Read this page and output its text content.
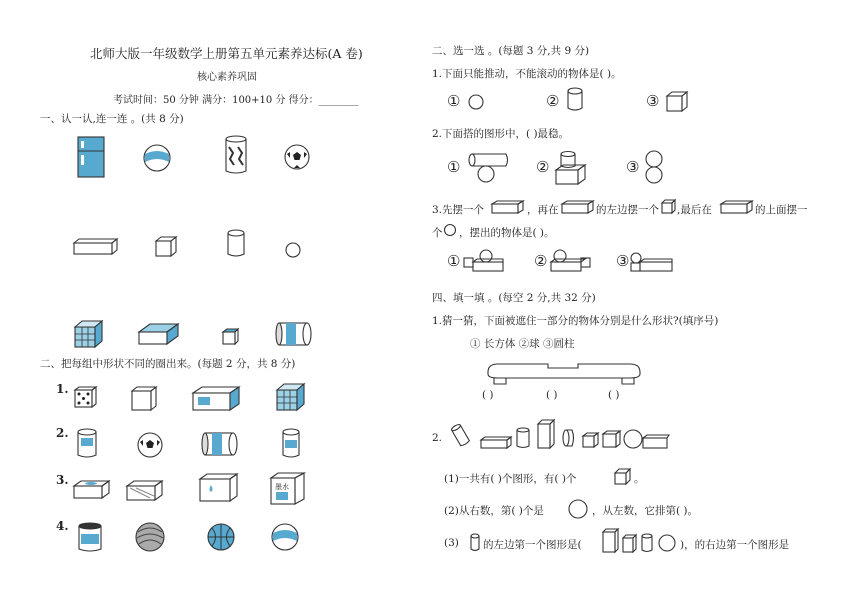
北师大版一年级数学上册第五单元素养达标(A 卷)
核心素养巩固
考试时间：50 分钟 满分：100+10 分 得分：________
一、认一认,连一连 。(共 8 分)
二、把每组中形状不同的圈出来。(每题 2 分，共 8 分)
1.
2.
3.	墨水
4.
二、选一选 。(每题 3 分,共 9 分)
1.下面只能推动，不能滚动的物体是( )。
①	②	③
2.下面搭的图形中，( )最稳。
①	②	③
3.先摆一个	，再在	的左边摆一个 ,最后在	的上面摆一
个 ，摆出的物体是( )。
①	②	③
四、填一填 。(每空 2 分,共 32 分)
1.猜一猜，下面被遮住一部分的物体分别是什么形状?(填序号)
① 长方体 ②球 ③圆柱
( )	( )	( )
2.
(1)一共有( )个图形，有( )个	。
(2)从右数，第( )个是	，从左数，它排第( )。
(3) 的左边第一个图形是(	)，的右边第一个图形是
